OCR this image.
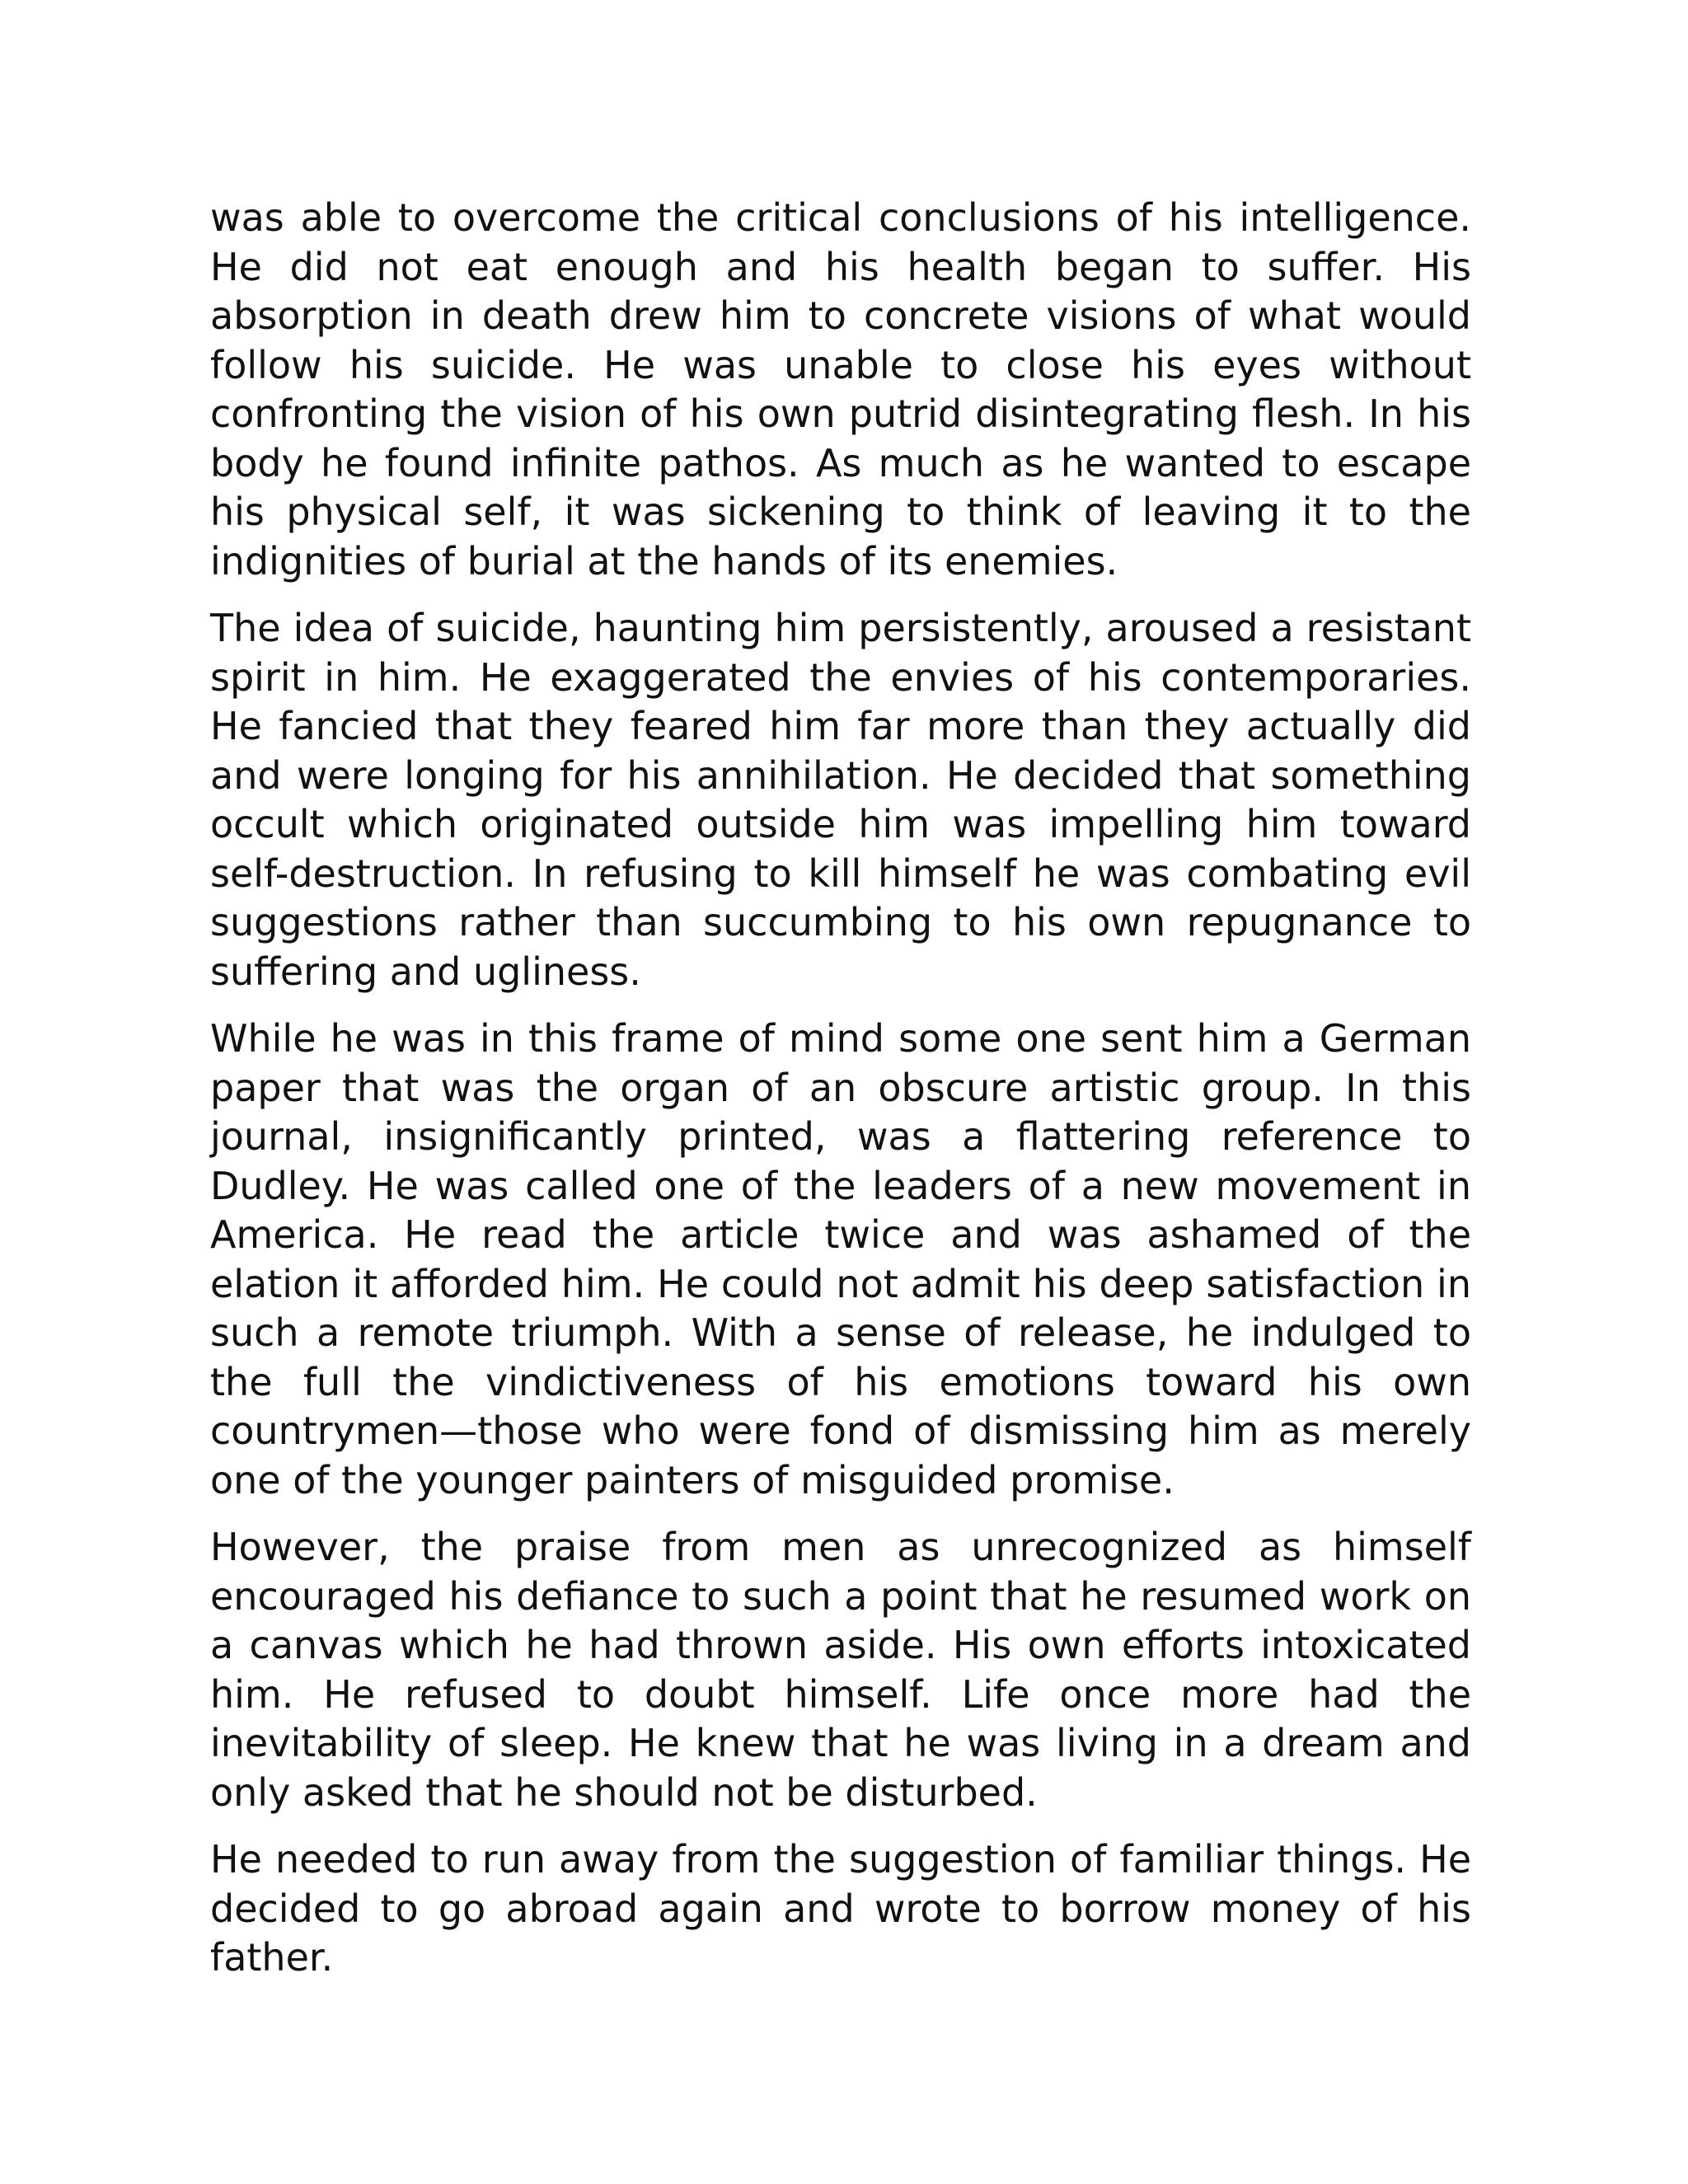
was able to overcome the critical conclusions of his intelligence. He did not eat enough and his health began to suffer. His absorption in death drew him to concrete visions of what would follow his suicide. He was unable to close his eyes without confronting the vision of his own putrid disintegrating flesh. In his body he found infinite pathos. As much as he wanted to escape his physical self, it was sickening to think of leaving it to the indignities of burial at the hands of its enemies.

The idea of suicide, haunting him persistently, aroused a resistant spirit in him. He exaggerated the envies of his contemporaries. He fancied that they feared him far more than they actually did and were longing for his annihilation. He decided that something occult which originated outside him was impelling him toward self-destruction. In refusing to kill himself he was combating evil suggestions rather than succumbing to his own repugnance to suffering and ugliness.

While he was in this frame of mind some one sent him a German paper that was the organ of an obscure artistic group. In this journal, insignificantly printed, was a flattering reference to Dudley. He was called one of the leaders of a new movement in America. He read the article twice and was ashamed of the elation it afforded him. He could not admit his deep satisfaction in such a remote triumph. With a sense of release, he indulged to the full the vindictiveness of his emotions toward his own countrymen—those who were fond of dismissing him as merely one of the younger painters of misguided promise.

However, the praise from men as unrecognized as himself encouraged his defiance to such a point that he resumed work on a canvas which he had thrown aside. His own efforts intoxicated him. He refused to doubt himself. Life once more had the inevitability of sleep. He knew that he was living in a dream and only asked that he should not be disturbed.

He needed to run away from the suggestion of familiar things. He decided to go abroad again and wrote to borrow money of his father.
